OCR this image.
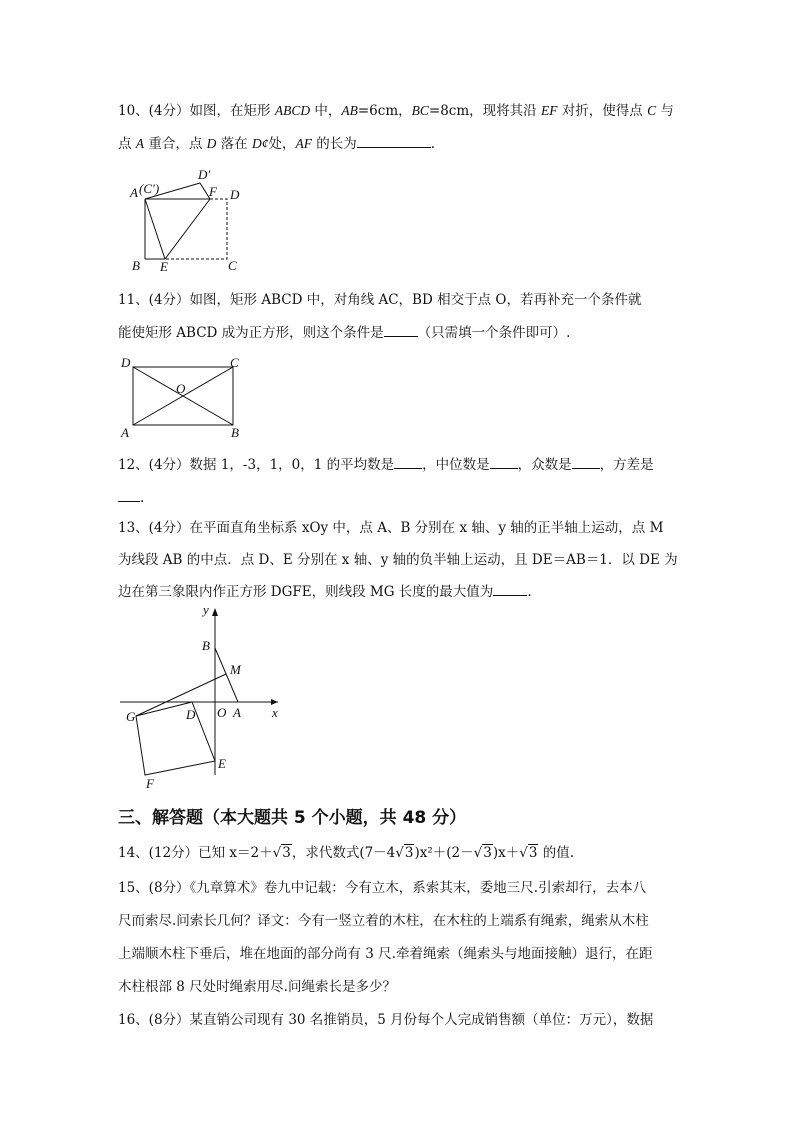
10、(4分）如图，在矩形 ABCD 中，AB=6cm，BC=8cm，现将其沿 EF 对折，使得点 C 与
点 A 重合，点 D 落在 D¢处，AF 的长为	.
A (C′)
D′
F D
B E	C
11、(4分）如图，矩形 ABCD 中，对角线 AC，BD 相交于点 O，若再补充一个条件就
能使矩形 ABCD 成为正方形，则这个条件是	（只需填一个条件即可）.
D	C
O
A	B
12、(4分）数据 1，-3，1，0，1 的平均数是 ，中位数是 ，众数是 ，方差是
.
13、(4分）在平面直角坐标系 xOy 中，点 A、B 分别在 x 轴、y 轴的正半轴上运动，点 M
为线段 AB 的中点．点 D、E 分别在 x 轴、y 轴的负半轴上运动，且 DE＝AB＝1．以 DE 为
边在第三象限内作正方形 DGFE，则线段 MG 长度的最大值为	.
y
B
M
G	D O A x
E
F
三、解答题（本大题共 5 个小题，共 48 分）
14、(12分）已知 x＝2＋√3，求代数式(7－4√3)x²＋(2－√3)x＋√3 的值.
15、(8分）《九章算术》卷九中记载：今有立木，系索其末，委地三尺.引索却行，去本八
尺而索尽.问索长几何？译文：今有一竖立着的木柱，在木柱的上端系有绳索，绳索从木柱
上端顺木柱下垂后，堆在地面的部分尚有 3 尺.牵着绳索（绳索头与地面接触）退行，在距
木柱根部 8 尺处时绳索用尽.问绳索长是多少？
16、(8分）某直销公司现有 30 名推销员，5 月份每个人完成销售额（单位：万元），数据
